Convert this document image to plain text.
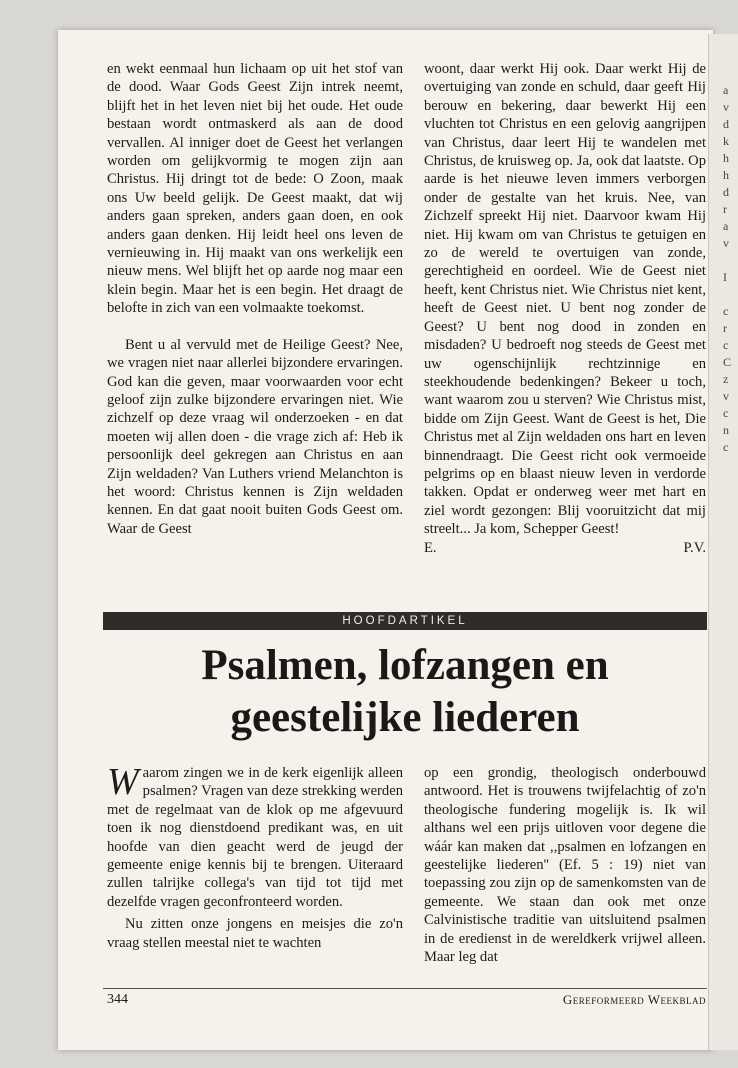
a
v
d
k
h
h
d
r
a
v
I
c
r
c
C
z
v
c
n
c

en wekt eenmaal hun lichaam op uit het stof van de dood. Waar Gods Geest Zijn intrek neemt, blijft het in het leven niet bij het oude. Het oude bestaan wordt ontmaskerd als aan de dood vervallen. Al inniger doet de Geest het verlangen worden om gelijkvormig te mogen zijn aan Christus. Hij dringt tot de bede: O Zoon, maak ons Uw beeld gelijk. De Geest maakt, dat wij anders gaan spreken, anders gaan doen, en ook anders gaan denken. Hij leidt heel ons leven de vernieuwing in. Hij maakt van ons werkelijk een nieuw mens. Wel blijft het op aarde nog maar een klein begin. Maar het is een begin. Het draagt de belofte in zich van een volmaakte toekomst.

Bent u al vervuld met de Heilige Geest? Nee, we vragen niet naar allerlei bijzondere ervaringen. God kan die geven, maar voorwaarden voor echt geloof zijn zulke bijzondere ervaringen niet. Wie zichzelf op deze vraag wil onderzoeken - en dat moeten wij allen doen - die vrage zich af: Heb ik persoonlijk deel gekregen aan Christus en aan Zijn weldaden? Van Luthers vriend Melanchton is het woord: Christus kennen is Zijn weldaden kennen. En dat gaat nooit buiten Gods Geest om. Waar de Geest

woont, daar werkt Hij ook. Daar werkt Hij de overtuiging van zonde en schuld, daar geeft Hij berouw en bekering, daar bewerkt Hij een vluchten tot Christus en een gelovig aangrijpen van Christus, daar leert Hij te wandelen met Christus, de kruisweg op. Ja, ook dat laatste. Op aarde is het nieuwe leven immers verborgen onder de gestalte van het kruis. Nee, van Zichzelf spreekt Hij niet. Daarvoor kwam Hij niet. Hij kwam om van Christus te getuigen en zo de wereld te overtuigen van zonde, gerechtigheid en oordeel. Wie de Geest niet heeft, kent Christus niet. Wie Christus niet kent, heeft de Geest niet. U bent nog zonder de Geest? U bent nog dood in zonden en misdaden? U bedroeft nog steeds de Geest met uw ogenschijnlijk rechtzinnige en steekhoudende bedenkingen? Bekeer u toch, want waarom zou u sterven? Wie Christus mist, bidde om Zijn Geest. Want de Geest is het, Die Christus met al Zijn weldaden ons hart en leven binnendraagt. Die Geest richt ook vermoeide pelgrims op en blaast nieuw leven in verdorde takken. Opdat er onderweg weer met hart en ziel wordt gezongen: Blij vooruitzicht dat mij streelt... Ja kom, Schepper Geest!

E.	P.V.
HOOFDARTIKEL
Psalmen, lofzangen en
geestelijke liederen

Waarom zingen we in de kerk eigenlijk alleen psalmen? Vragen van deze strekking werden met de regelmaat van de klok op me afgevuurd toen ik nog dienstdoend predikant was, en uit hoofde van dien geacht werd de jeugd der gemeente enige kennis bij te brengen. Uiteraard zullen talrijke collega's van tijd tot tijd met dezelfde vragen geconfronteerd worden.

Nu zitten onze jongens en meisjes die zo'n vraag stellen meestal niet te wachten

op een grondig, theologisch onderbouwd antwoord. Het is trouwens twijfelachtig of zo'n theologische fundering mogelijk is. Ik wil althans wel een prijs uitloven voor degene die wáár kan maken dat ,,psalmen en lofzangen en geestelijke liederen'' (Ef. 5 : 19) niet van toepassing zou zijn op de samenkomsten van de gemeente. We staan dan ook met onze Calvinistische traditie van uitsluitend psalmen in de eredienst in de wereldkerk vrijwel alleen. Maar leg dat

344	Gereformeerd Weekblad
